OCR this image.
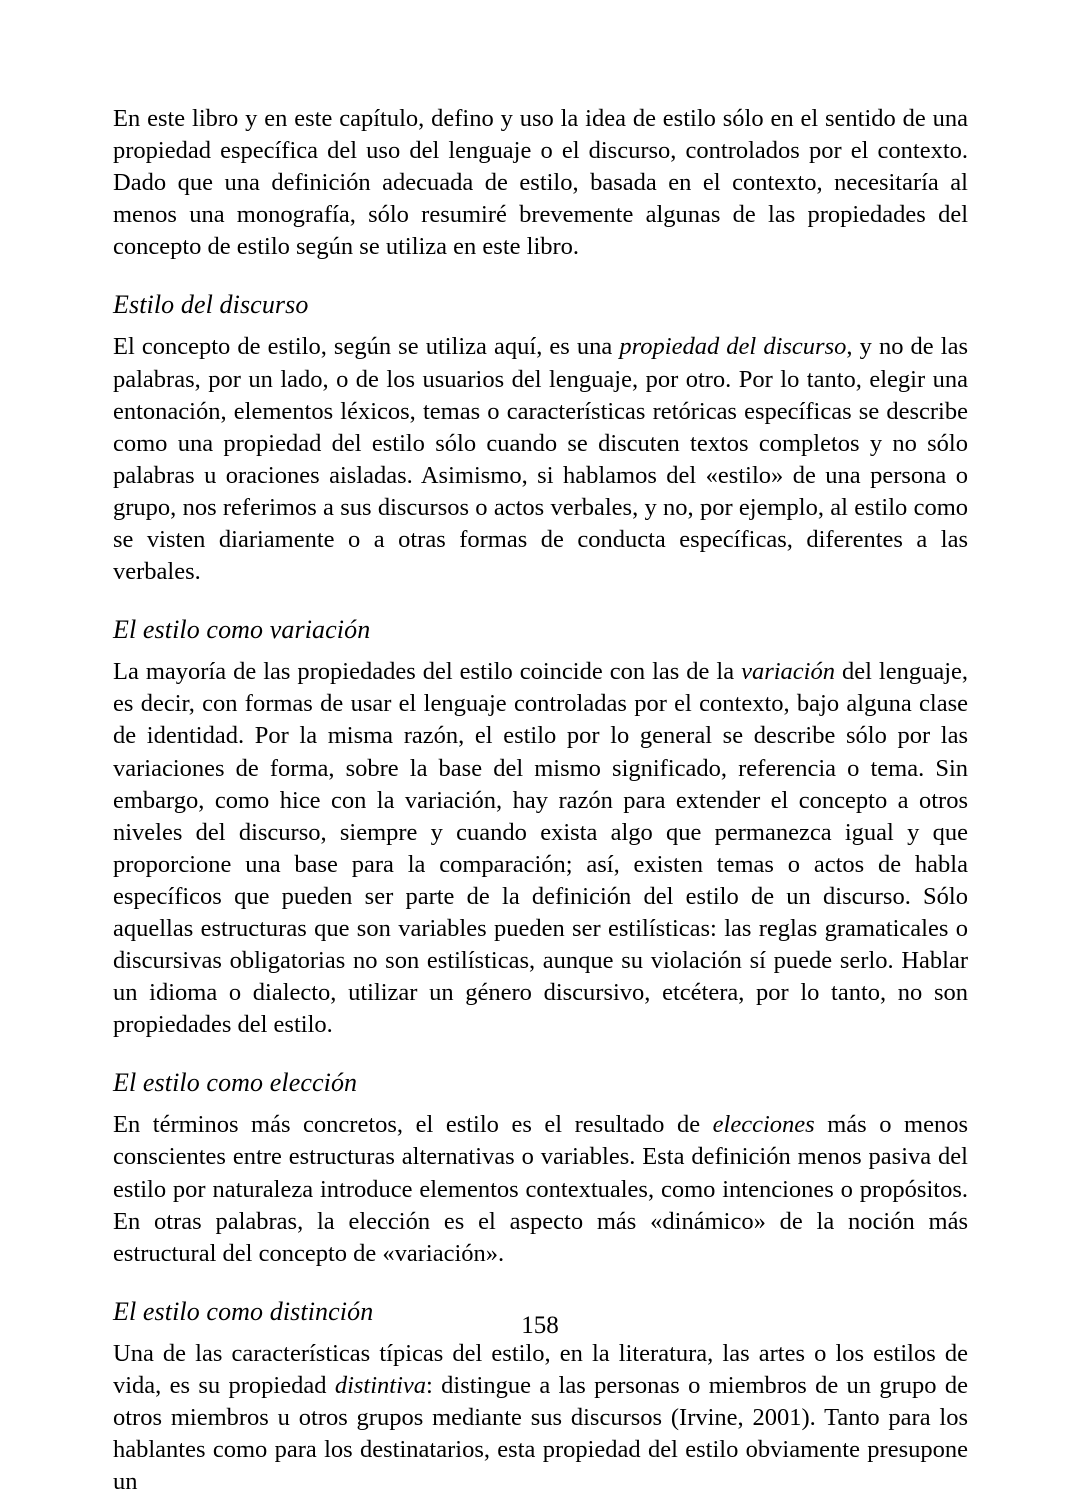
En este libro y en este capítulo, defino y uso la idea de estilo sólo en el sentido de una propiedad específica del uso del lenguaje o el discurso, controlados por el contexto. Dado que una definición adecuada de estilo, basada en el contexto, necesitaría al menos una monografía, sólo resumiré brevemente algunas de las propiedades del concepto de estilo según se utiliza en este libro.

Estilo del discurso

El concepto de estilo, según se utiliza aquí, es una propiedad del discurso, y no de las palabras, por un lado, o de los usuarios del lenguaje, por otro. Por lo tanto, elegir una entonación, elementos léxicos, temas o características retóricas específicas se describe como una propiedad del estilo sólo cuando se discuten textos completos y no sólo palabras u oraciones aisladas. Asimismo, si hablamos del «estilo» de una persona o grupo, nos referimos a sus discursos o actos verbales, y no, por ejemplo, al estilo como se visten diariamente o a otras formas de conducta específicas, diferentes a las verbales.

El estilo como variación

La mayoría de las propiedades del estilo coincide con las de la variación del lenguaje, es decir, con formas de usar el lenguaje controladas por el contexto, bajo alguna clase de identidad. Por la misma razón, el estilo por lo general se describe sólo por las variaciones de forma, sobre la base del mismo significado, referencia o tema. Sin embargo, como hice con la variación, hay razón para extender el concepto a otros niveles del discurso, siempre y cuando exista algo que permanezca igual y que proporcione una base para la comparación; así, existen temas o actos de habla específicos que pueden ser parte de la definición del estilo de un discurso. Sólo aquellas estructuras que son variables pueden ser estilísticas: las reglas gramaticales o discursivas obligatorias no son estilísticas, aunque su violación sí puede serlo. Hablar un idioma o dialecto, utilizar un género discursivo, etcétera, por lo tanto, no son propiedades del estilo.

El estilo como elección

En términos más concretos, el estilo es el resultado de elecciones más o menos conscientes entre estructuras alternativas o variables. Esta definición menos pasiva del estilo por naturaleza introduce elementos contextuales, como intenciones o propósitos. En otras palabras, la elección es el aspecto más «dinámico» de la noción más estructural del concepto de «variación».

El estilo como distinción

Una de las características típicas del estilo, en la literatura, las artes o los estilos de vida, es su propiedad distintiva: distingue a las personas o miembros de un grupo de otros miembros u otros grupos mediante sus discursos (Irvine, 2001). Tanto para los hablantes como para los destinatarios, esta propiedad del estilo obviamente presupone un

158
